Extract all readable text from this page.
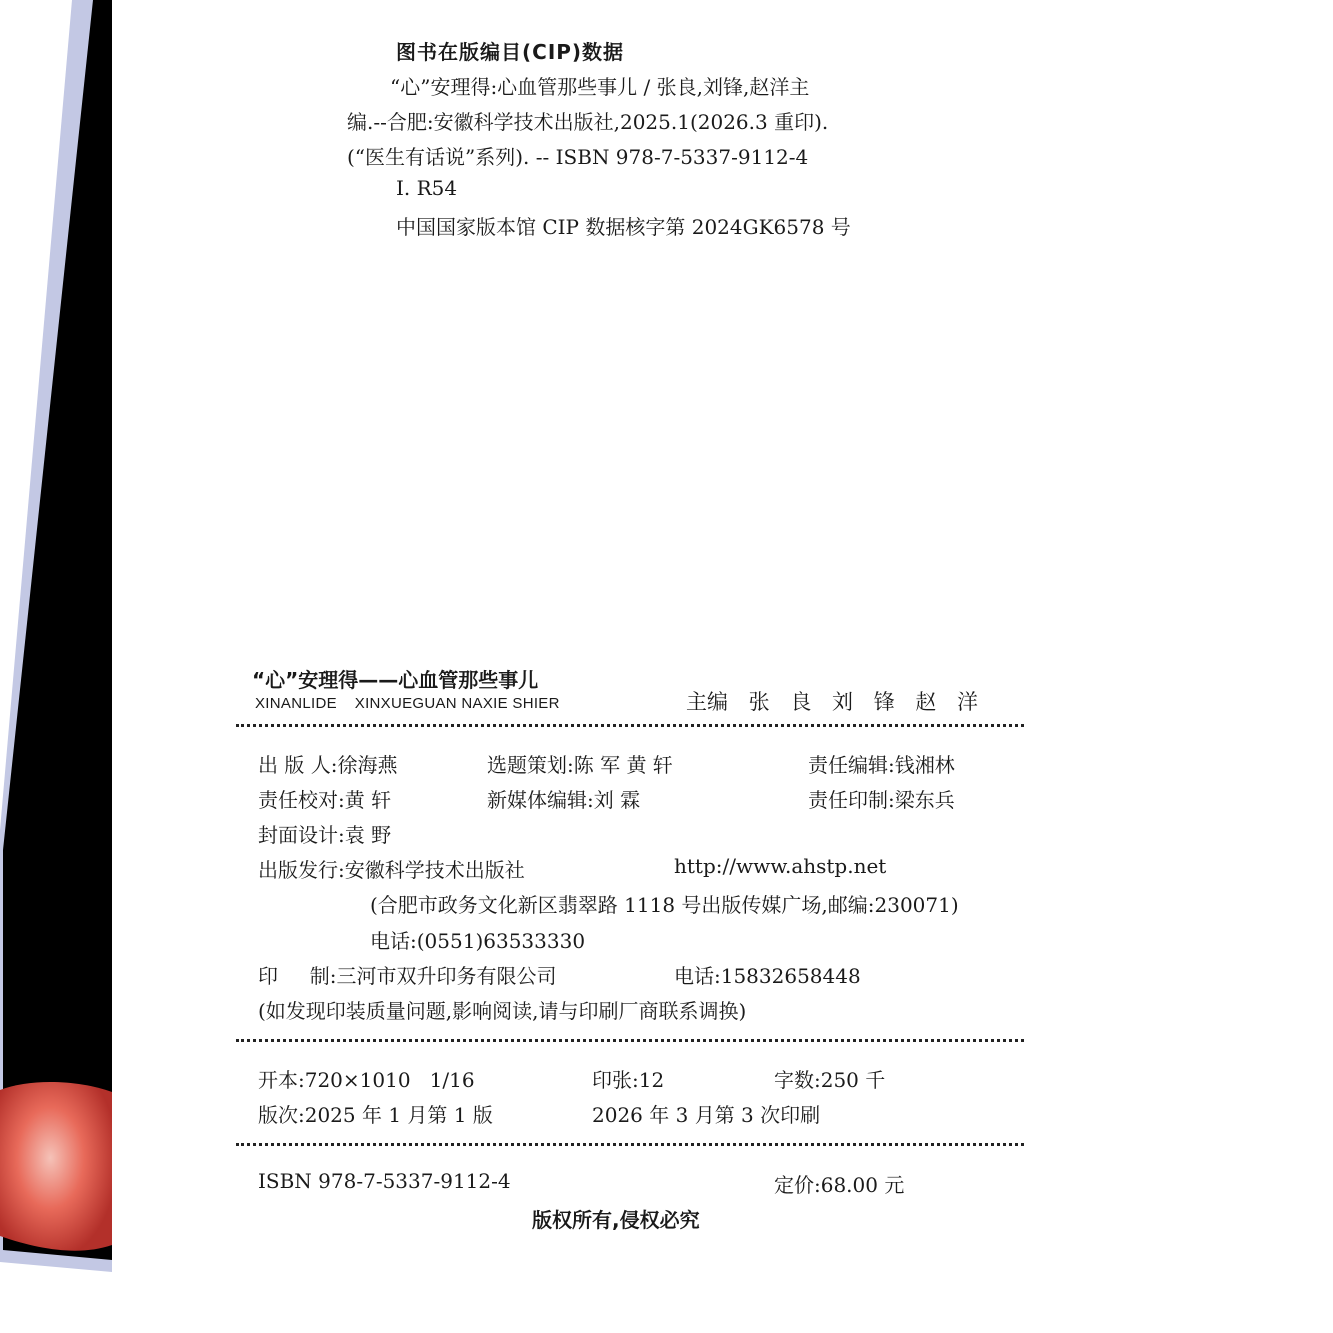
图书在版编目(CIP)数据
“心”安理得:心血管那些事儿 / 张良,刘锋,赵洋主
编.--合肥:安徽科学技术出版社,2025.1(2026.3 重印).
(“医生有话说”系列). -- ISBN 978-7-5337-9112-4
Ⅰ. R54
中国国家版本馆 CIP 数据核字第 2024GK6578 号
“心”安理得——心血管那些事儿
XINANLIDE    XINXUEGUAN NAXIE SHIER	主编 张 良 刘 锋 赵 洋
出 版 人:徐海燕	选题策划:陈 军 黄 轩	责任编辑:钱湘林
责任校对:黄 轩	新媒体编辑:刘 霖	责任印制:梁东兵
封面设计:袁 野
出版发行:安徽科学技术出版社	http://www.ahstp.net
(合肥市政务文化新区翡翠路 1118 号出版传媒广场,邮编:230071)
电话:(0551)63533330
印     制:三河市双升印务有限公司	电话:15832658448
(如发现印装质量问题,影响阅读,请与印刷厂商联系调换)
开本:720×1010   1/16	印张:12	字数:250 千
版次:2025 年 1 月第 1 版	2026 年 3 月第 3 次印刷
ISBN 978-7-5337-9112-4	定价:68.00 元
版权所有,侵权必究
